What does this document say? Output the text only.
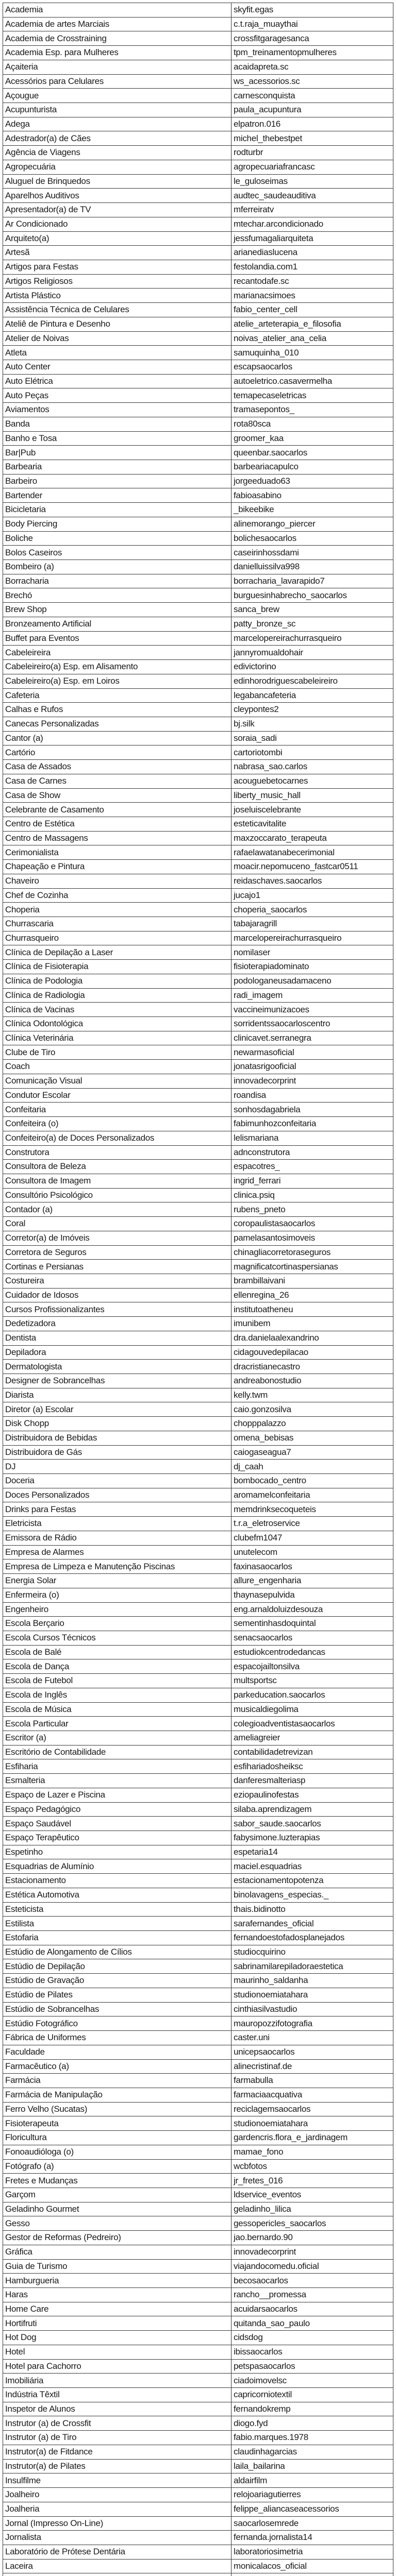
Academia	skyfit.egas
Academia de artes Marciais	c.t.raja_muaythai
Academia de Crosstraining	crossfitgaragesanca
Academia Esp. para Mulheres	tpm_treinamentopmulheres
Açaiteria	acaidapreta.sc
Acessórios para Celulares	ws_acessorios.sc
Açougue	carnesconquista
Acupunturista	paula_acupuntura
Adega	elpatron.016
Adestrador(a) de Cães	michel_thebestpet
Agência de Viagens	rodturbr
Agropecuária	agropecuariafrancasc
Aluguel de Brinquedos	le_guloseimas
Aparelhos Auditivos	audtec_saudeauditiva
Apresentador(a) de TV	mferreiratv
Ar Condicionado	mtechar.arcondicionado
Arquiteto(a)	jessfumagaliarquiteta
Artesã	arianediaslucena
Artigos para Festas	festolandia.com1
Artigos Religiosos	recantodafe.sc
Artista Plástico	marianacsimoes
Assistência Técnica de Celulares	fabio_center_cell
Ateliê de Pintura e Desenho	atelie_arteterapia_e_filosofia
Atelier de Noivas	noivas_atelier_ana_celia
Atleta	samuquinha_010
Auto Center	escapsaocarlos
Auto Elétrica	autoeletrico.casavermelha
Auto Peças	temapecaseletricas
Aviamentos	tramasepontos_
Banda	rota80sca
Banho e Tosa	groomer_kaa
Bar|Pub	queenbar.saocarlos
Barbearia	barbeariacapulco
Barbeiro	jorgeeduado63
Bartender	fabioasabino
Bicicletaria	_bikeebike
Body Piercing	alinemorango_piercer
Boliche	bolichesaocarlos
Bolos Caseiros	caseirinhossdami
Bombeiro (a)	danielluissilva998
Borracharia	borracharia_lavarapido7
Brechó	burguesinhabrecho_saocarlos
Brew Shop	sanca_brew
Bronzeamento Artificial	patty_bronze_sc
Buffet para Eventos	marcelopereirachurrasqueiro
Cabeleireira	jannyromualdohair
Cabeleireiro(a) Esp. em Alisamento	edivictorino
Cabeleireiro(a) Esp. em Loiros	edinhorodriguescabeleireiro
Cafeteria	legabancafeteria
Calhas e Rufos	cleypontes2
Canecas Personalizadas	bj.silk
Cantor (a)	soraia_sadi
Cartório	cartoriotombi
Casa de Assados	nabrasa_sao.carlos
Casa de Carnes	acouguebetocarnes
Casa de Show	liberty_music_hall
Celebrante de Casamento	joseluiscelebrante
Centro de Estética	esteticavitalite
Centro de Massagens	maxzoccarato_terapeuta
Cerimonialista	rafaelawatanabecerimonial
Chapeação e Pintura	moacir.nepomuceno_fastcar0511
Chaveiro	reidaschaves.saocarlos
Chef de Cozinha	jucajo1
Choperia	choperia_saocarlos
Churrascaria	tabajaragrill
Churrasqueiro	marcelopereirachurrasqueiro
Clínica de Depilação a Laser	nomilaser
Clínica de Fisioterapia	fisioterapiadominato
Clínica de Podologia	podologaneusadamaceno
Clínica de Radiologia	radi_imagem
Clínica de Vacinas	vaccineimunizacoes
Clínica Odontológica	sorridentssaocarloscentro
Clínica Veterinária	clinicavet.serranegra
Clube de Tiro	newarmasoficial
Coach	jonatasrigooficial
Comunicação Visual	innovadecorprint
Condutor Escolar	roandisa
Confeitaria	sonhosdagabriela
Confeiteira (o)	fabimunhozconfeitaria
Confeiteiro(a) de Doces Personalizados	lelismariana
Construtora	adnconstrutora
Consultora de Beleza	espacotres_
Consultora de Imagem	ingrid_ferrari
Consultório Psicológico	clinica.psiq
Contador (a)	rubens_pneto
Coral	coropaulistasaocarlos
Corretor(a) de Imóveis	pamelasantosimoveis
Corretora de Seguros	chinagliacorretoraseguros
Cortinas e Persianas	magnificatcortinaspersianas
Costureira	brambillaivani
Cuidador de Idosos	ellenregina_26
Cursos Profissionalizantes	institutoatheneu
Dedetizadora	imunibem
Dentista	dra.danielaalexandrino
Depiladora	cidagouvedepilacao
Dermatologista	dracristianecastro
Designer de Sobrancelhas	andreabonostudio
Diarista	kelly.twm
Diretor (a) Escolar	caio.gonzosilva
Disk Chopp	chopppalazzo
Distribuidora de Bebidas	omena_bebisas
Distribuidora de Gás	caiogaseagua7
DJ	dj_caah
Doceria	bombocado_centro
Doces Personalizados	aromamelconfeitaria
Drinks para Festas	memdrinksecoqueteis
Eletricista	t.r.a_eletroservice
Emissora de Rádio	clubefm1047
Empresa de Alarmes	unutelecom
Empresa de Limpeza e Manutenção Piscinas	faxinasaocarlos
Energia Solar	allure_engenharia
Enfermeira (o)	thaynasepulvida
Engenheiro	eng.arnaldoluizdesouza
Escola Berçario	sementinhasdoquintal
Escola Cursos Técnicos	senacsaocarlos
Escola de Balé	estudiokcentrodedancas
Escola de Dança	espacojailtonsilva
Escola de Futebol	multsportsc
Escola de Inglês	parkeducation.saocarlos
Escola de Música	musicaldiegolima
Escola Particular	colegioadventistasaocarlos
Escritor (a)	ameliagreier
Escritório de Contabilidade	contabilidadetrevizan
Esfiharia	esfihariadosheiksc
Esmalteria	danferesmalteriasp
Espaço de Lazer e Piscina	eziopaulinofestas
Espaço Pedagógico	silaba.aprendizagem
Espaço Saudável	sabor_saude.saocarlos
Espaço Terapêutico	fabysimone.luzterapias
Espetinho	espetaria14
Esquadrias de Alumínio	maciel.esquadrias
Estacionamento	estacionamentopotenza
Estética Automotiva	binolavagens_especias._
Esteticista	thais.bidinotto
Estilista	sarafernandes_oficial
Estofaria	fernandoestofadosplanejados
Estúdio de Alongamento de Cílios	studiocquirino
Estúdio de Depilação	sabrinamilarepiladoraestetica
Estúdio de Gravação	maurinho_saldanha
Estúdio de Pilates	studionoemiatahara
Estúdio de Sobrancelhas	cinthiasilvastudio
Estúdio Fotográfico	mauropozzifotografia
Fábrica de Uniformes	caster.uni
Faculdade	unicepsaocarlos
Farmacêutico (a)	alinecristinaf.de
Farmácia	farmabulla
Farmácia de Manipulação	farmaciaacquativa
Ferro Velho (Sucatas)	reciclagemsaocarlos
Fisioterapeuta	studionoemiatahara
Floricultura	gardencris.flora_e_jardinagem
Fonoaudióloga (o)	mamae_fono
Fotógrafo (a)	wcbfotos
Fretes e Mudanças	jr_fretes_016
Garçom	ldservice_eventos
Geladinho Gourmet	geladinho_lilica
Gesso	gessopericles_saocarlos
Gestor de Reformas (Pedreiro)	jao.bernardo.90
Gráfica	innovadecorprint
Guia de Turismo	viajandocomedu.oficial
Hamburgueria	becosaocarlos
Haras	rancho__promessa
Home Care	acuidarsaocarlos
Hortifruti	quitanda_sao_paulo
Hot Dog	cidsdog
Hotel	ibissaocarlos
Hotel para Cachorro	petspasaocarlos
Imobiliária	ciadoimovelsc
Indústria Têxtil	capricorniotextil
Inspetor de Alunos	fernandokremp
Instrutor (a) de Crossfit	diogo.fyd
Instrutor (a) de Tiro	fabio.marques.1978
Instrutor(a) de Fitdance	claudinhagarcias
Instrutor(a) de Pilates	laila_bailarina
Insulfilme	aldairfilm
Joalheiro	relojoariagutierres
Joalheria	felippe_aliancaseacessorios
Jornal (Impresso On-Line)	saocarlosemrede
Jornalista	fernanda.jornalista14
Laboratório de Prótese Dentária	laboratoriosimetria
Laceira	monicalacos_oficial
